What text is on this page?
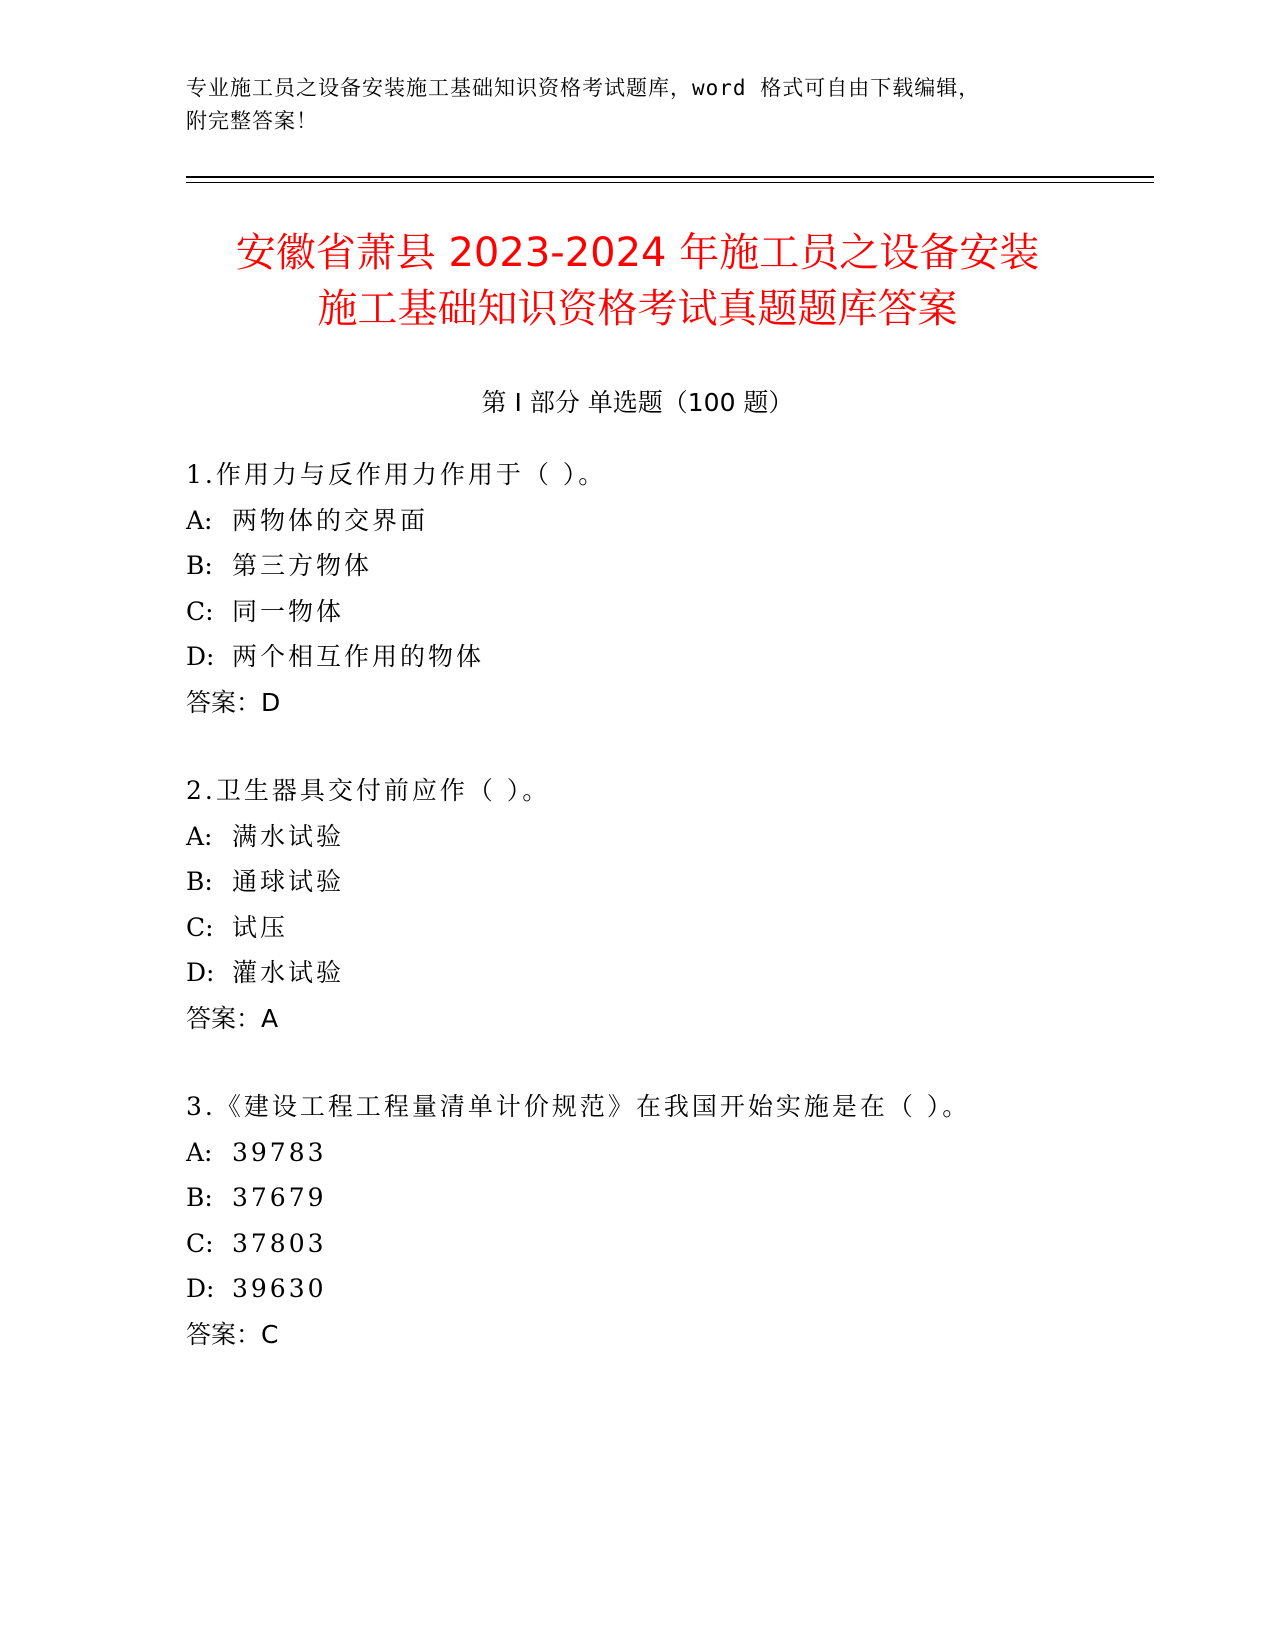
专业施工员之设备安装施工基础知识资格考试题库，word 格式可自由下载编辑，
附完整答案！
安徽省萧县 2023-2024 年施工员之设备安装
施工基础知识资格考试真题题库答案
第 I 部分 单选题（100 题）
1.作用力与反作用力作用于（ ）。
A: 两物体的交界面
B: 第三方物体
C: 同一物体
D: 两个相互作用的物体
答案：D
2.卫生器具交付前应作（ ）。
A: 满水试验
B: 通球试验
C: 试压
D: 灌水试验
答案：A
3.《建设工程工程量清单计价规范》在我国开始实施是在（ ）。
A: 39783
B: 37679
C: 37803
D: 39630
答案：C
